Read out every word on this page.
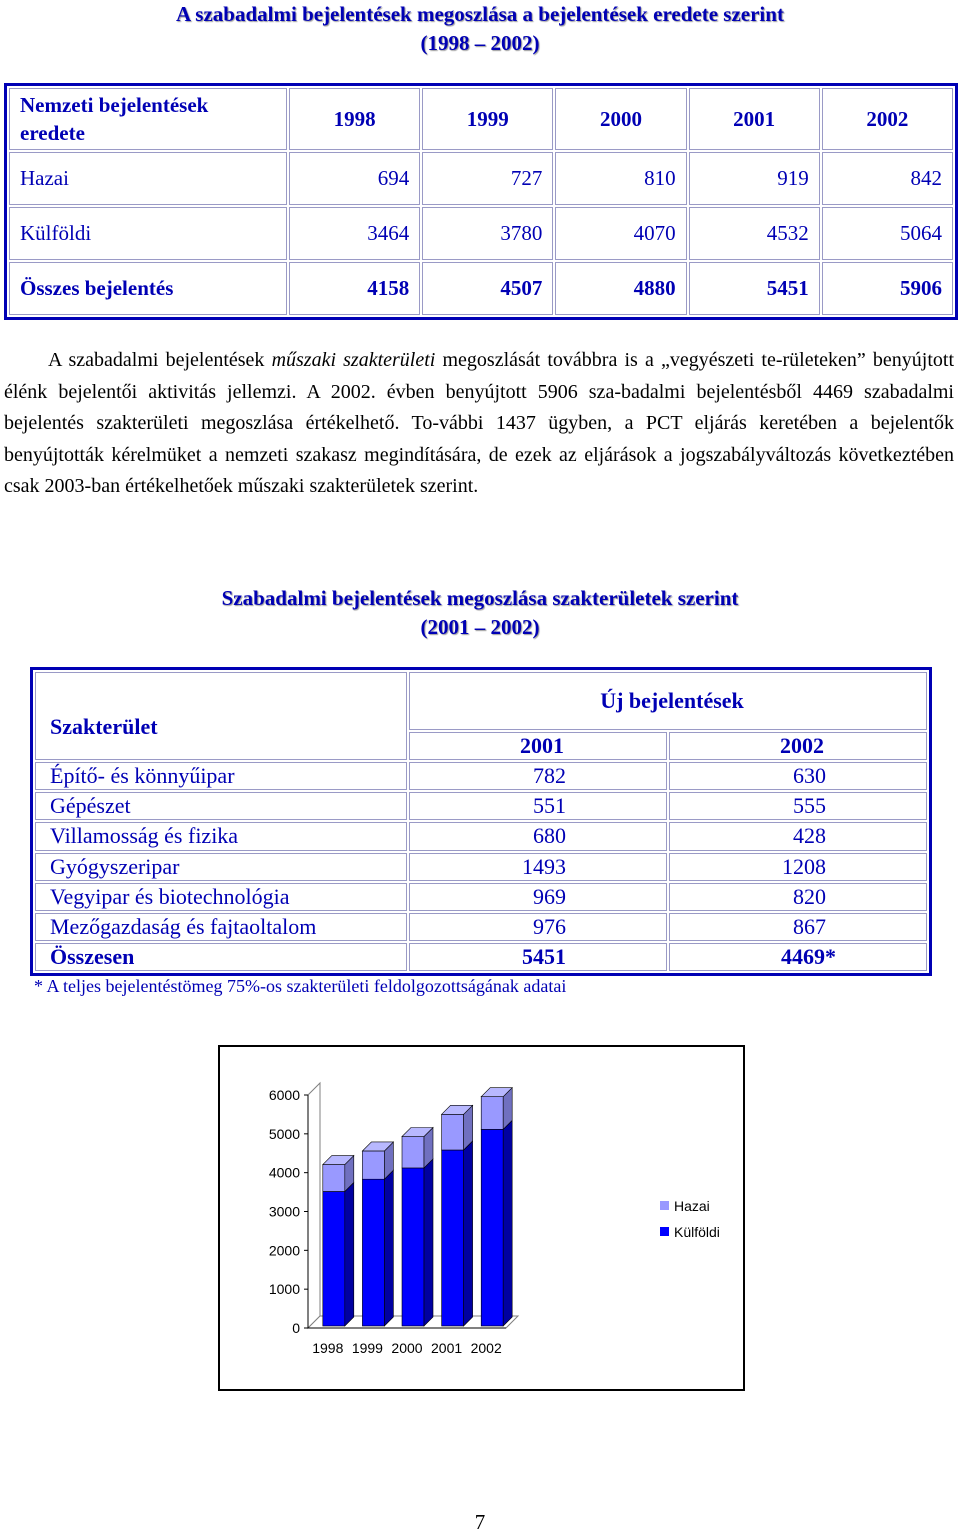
A szabadalmi bejelentések megoszlása a bejelentések eredete szerint
(1998 – 2002)
Nemzeti bejelentések eredete	1998	1999	2000	2001	2002
Hazai	694	727	810	919	842
Külföldi	3464	3780	4070	4532	5064
Összes bejelentés	4158	4507	4880	5451	5906
A szabadalmi bejelentések műszaki szakterületi megoszlását továbbra is a „vegyészeti te-rületeken” benyújtott élénk bejelentői aktivitás jellemzi. A 2002. évben benyújtott 5906 sza-badalmi bejelentésből 4469 szabadalmi bejelentés szakterületi megoszlása értékelhető. To-vábbi 1437 ügyben, a PCT eljárás keretében a bejelentők benyújtották kérelmüket a nemzeti szakasz megindítására, de ezek az eljárások a jogszabályváltozás következtében csak 2003-ban értékelhetőek műszaki szakterületek szerint.
Szabadalmi bejelentések megoszlása szakterületek szerint
(2001 – 2002)
Szakterület	Új bejelentések	
	2001	2002
Építő- és könnyűipar	782	630
Gépészet	551	555
Villamosság és fizika	680	428
Gyógyszeripar	1493	1208
Vegyipar és biotechnológia	969	820
Mezőgazdaság és fajtaoltalom	976	867
Összesen	5451	4469*
* A teljes bejelentéstömeg 75%-os szakterületi feldolgozottságának adatai
0
1000
2000
3000
4000
5000
6000
1998 1999 2000 2001 2002
Hazai
Külföldi
7
